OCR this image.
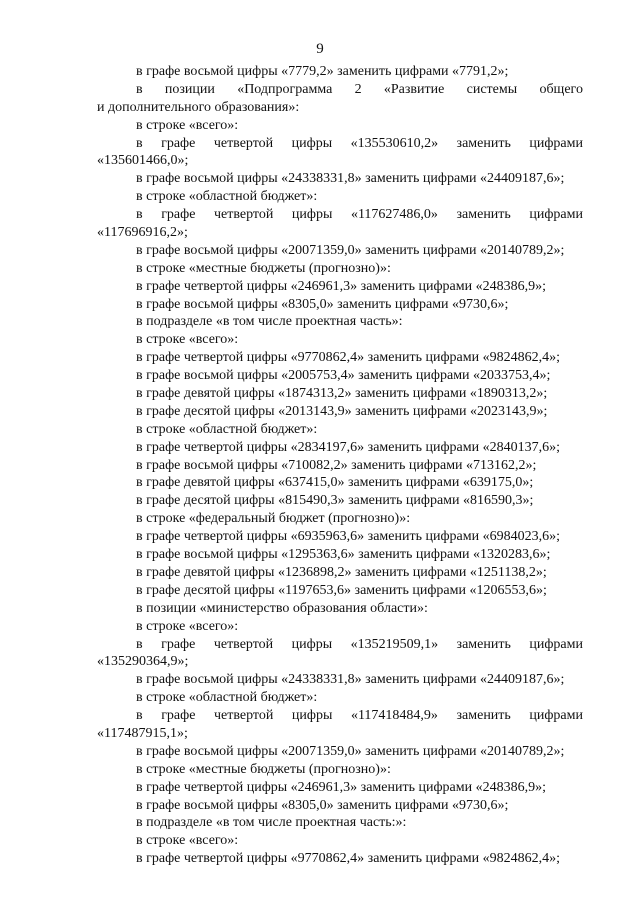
9
в графе восьмой цифры «7779,2» заменить цифрами «7791,2»;
в позиции «Подпрограмма 2 «Развитие системы общего
и дополнительного образования»:
в строке «всего»:
в графе четвертой цифры «135530610,2» заменить цифрами
«135601466,0»;
в графе восьмой цифры «24338331,8» заменить цифрами «24409187,6»;
в строке «областной бюджет»:
в графе четвертой цифры «117627486,0» заменить цифрами
«117696916,2»;
в графе восьмой цифры «20071359,0» заменить цифрами «20140789,2»;
в строке «местные бюджеты (прогнозно)»:
в графе четвертой цифры «246961,3» заменить цифрами «248386,9»;
в графе восьмой цифры «8305,0» заменить цифрами «9730,6»;
в подразделе «в том числе проектная часть»:
в строке «всего»:
в графе четвертой цифры «9770862,4» заменить цифрами «9824862,4»;
в графе восьмой цифры «2005753,4» заменить цифрами «2033753,4»;
в графе девятой цифры «1874313,2» заменить цифрами «1890313,2»;
в графе десятой цифры «2013143,9» заменить цифрами «2023143,9»;
в строке «областной бюджет»:
в графе четвертой цифры «2834197,6» заменить цифрами «2840137,6»;
в графе восьмой цифры «710082,2» заменить цифрами «713162,2»;
в графе девятой цифры «637415,0» заменить цифрами «639175,0»;
в графе десятой цифры «815490,3» заменить цифрами «816590,3»;
в строке «федеральный бюджет (прогнозно)»:
в графе четвертой цифры «6935963,6» заменить цифрами «6984023,6»;
в графе восьмой цифры «1295363,6» заменить цифрами «1320283,6»;
в графе девятой цифры «1236898,2» заменить цифрами «1251138,2»;
в графе десятой цифры «1197653,6» заменить цифрами «1206553,6»;
в позиции «министерство образования области»:
в строке «всего»:
в графе четвертой цифры «135219509,1» заменить цифрами
«135290364,9»;
в графе восьмой цифры «24338331,8» заменить цифрами «24409187,6»;
в строке «областной бюджет»:
в графе четвертой цифры «117418484,9» заменить цифрами
«117487915,1»;
в графе восьмой цифры «20071359,0» заменить цифрами «20140789,2»;
в строке «местные бюджеты (прогнозно)»:
в графе четвертой цифры «246961,3» заменить цифрами «248386,9»;
в графе восьмой цифры «8305,0» заменить цифрами «9730,6»;
в подразделе «в том числе проектная часть:»:
в строке «всего»:
в графе четвертой цифры «9770862,4» заменить цифрами «9824862,4»;
